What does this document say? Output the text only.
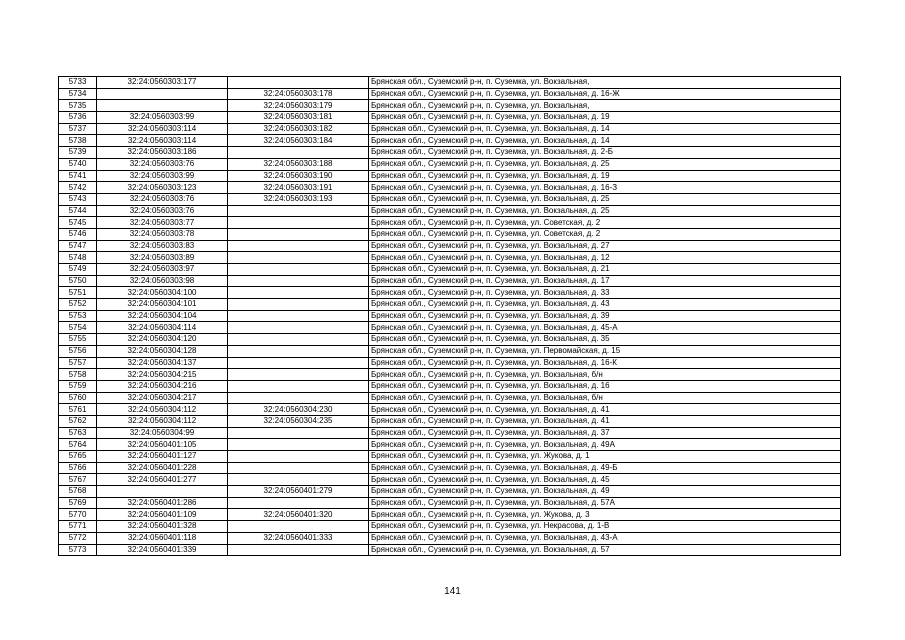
5733	32:24:0560303:177		Брянская обл., Суземский р-н, п. Суземка, ул. Вокзальная,
5734		32:24:0560303:178	Брянская обл., Суземский р-н, п. Суземка, ул. Вокзальная, д. 16-Ж
5735		32:24:0560303:179	Брянская обл., Суземский р-н, п. Суземка, ул. Вокзальная,
5736	32:24:0560303:99	32:24:0560303:181	Брянская обл., Суземский р-н, п. Суземка, ул. Вокзальная, д. 19
5737	32:24:0560303:114	32:24:0560303:182	Брянская обл., Суземский р-н, п. Суземка, ул. Вокзальная, д. 14
5738	32:24:0560303:114	32:24:0560303:184	Брянская обл., Суземский р-н, п. Суземка, ул. Вокзальная, д. 14
5739	32:24:0560303:186		Брянская обл., Суземский р-н, п. Суземка, ул. Вокзальная, д. 2-Б
5740	32:24:0560303:76	32:24:0560303:188	Брянская обл., Суземский р-н, п. Суземка, ул. Вокзальная, д. 25
5741	32:24:0560303:99	32:24:0560303:190	Брянская обл., Суземский р-н, п. Суземка, ул. Вокзальная, д. 19
5742	32:24:0560303:123	32:24:0560303:191	Брянская обл., Суземский р-н, п. Суземка, ул. Вокзальная, д. 16-З
5743	32:24:0560303:76	32:24:0560303:193	Брянская обл., Суземский р-н, п. Суземка, ул. Вокзальная, д. 25
5744	32:24:0560303:76		Брянская обл., Суземский р-н, п. Суземка, ул. Вокзальная, д. 25
5745	32:24:0560303:77		Брянская обл., Суземский р-н, п. Суземка, ул. Советская, д. 2
5746	32:24:0560303:78		Брянская обл., Суземский р-н, п. Суземка, ул. Советская, д. 2
5747	32:24:0560303:83		Брянская обл., Суземский р-н, п. Суземка, ул. Вокзальная, д. 27
5748	32:24:0560303:89		Брянская обл., Суземский р-н, п. Суземка, ул. Вокзальная, д. 12
5749	32:24:0560303:97		Брянская обл., Суземский р-н, п. Суземка, ул. Вокзальная, д. 21
5750	32:24:0560303:98		Брянская обл., Суземский р-н, п. Суземка, ул. Вокзальная, д. 17
5751	32:24:0560304:100		Брянская обл., Суземский р-н, п. Суземка, ул. Вокзальная, д. 33
5752	32:24:0560304:101		Брянская обл., Суземский р-н, п. Суземка, ул. Вокзальная, д. 43
5753	32:24:0560304:104		Брянская обл., Суземский р-н, п. Суземка, ул. Вокзальная, д. 39
5754	32:24:0560304:114		Брянская обл., Суземский р-н, п. Суземка, ул. Вокзальная, д. 45-А
5755	32:24:0560304:120		Брянская обл., Суземский р-н, п. Суземка, ул. Вокзальная, д. 35
5756	32:24:0560304:128		Брянская обл., Суземский р-н, п. Суземка, ул. Первомайская, д. 15
5757	32:24:0560304:137		Брянская обл., Суземский р-н, п. Суземка, ул. Вокзальная, д. 16-К
5758	32:24:0560304:215		Брянская обл., Суземский р-н, п. Суземка, ул. Вокзальная, б/н
5759	32:24:0560304:216		Брянская обл., Суземский р-н, п. Суземка, ул. Вокзальная, д. 16
5760	32:24:0560304:217		Брянская обл., Суземский р-н, п. Суземка, ул. Вокзальная, б/н
5761	32:24:0560304:112	32:24:0560304:230	Брянская обл., Суземский р-н, п. Суземка, ул. Вокзальная, д. 41
5762	32:24:0560304:112	32:24:0560304:235	Брянская обл., Суземский р-н, п. Суземка, ул. Вокзальная, д. 41
5763	32:24:0560304:99		Брянская обл., Суземский р-н, п. Суземка, ул. Вокзальная, д. 37
5764	32:24:0560401:105		Брянская обл., Суземский р-н, п. Суземка, ул. Вокзальная, д. 49А
5765	32:24:0560401:127		Брянская обл., Суземский р-н, п. Суземка, ул. Жукова, д. 1
5766	32:24:0560401:228		Брянская обл., Суземский р-н, п. Суземка, ул. Вокзальная, д. 49-Б
5767	32:24:0560401:277		Брянская обл., Суземский р-н, п. Суземка, ул. Вокзальная, д. 45
5768		32:24:0560401:279	Брянская обл., Суземский р-н, п. Суземка, ул. Вокзальная, д. 49
5769	32:24:0560401:286		Брянская обл., Суземский р-н, п. Суземка, ул. Вокзальная, д. 57А
5770	32:24:0560401:109	32:24:0560401:320	Брянская обл., Суземский р-н, п. Суземка, ул. Жукова, д. 3
5771	32:24:0560401:328		Брянская обл., Суземский р-н, п. Суземка, ул. Некрасова, д. 1-В
5772	32:24:0560401:118	32:24:0560401:333	Брянская обл., Суземский р-н, п. Суземка, ул. Вокзальная, д. 43-А
5773	32:24:0560401:339		Брянская обл., Суземский р-н, п. Суземка, ул. Вокзальная, д. 57
141
